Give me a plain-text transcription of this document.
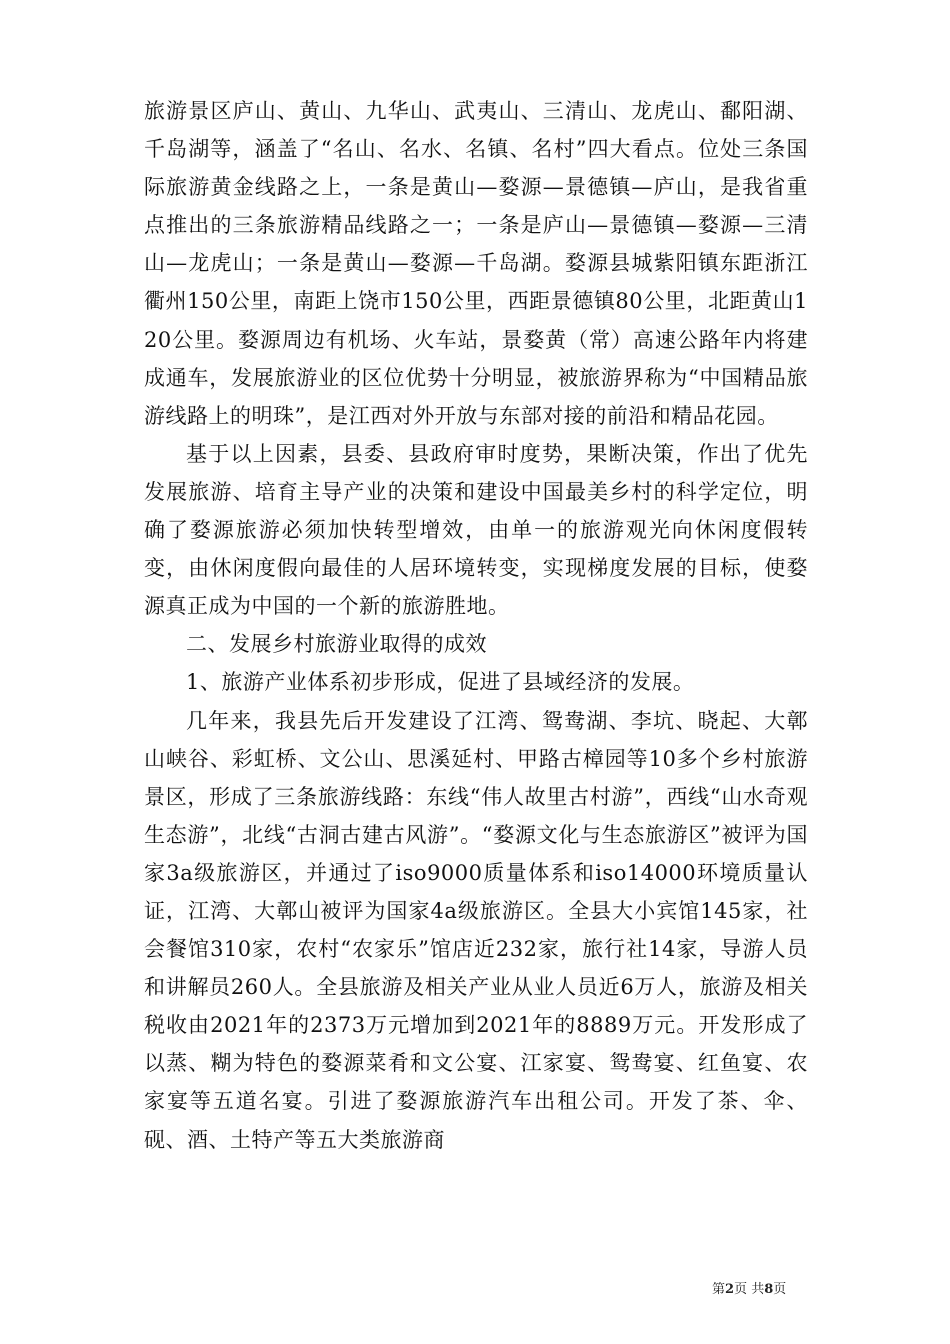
旅游景区庐山、黄山、九华山、武夷山、三清山、龙虎山、鄱阳湖、千岛湖等，涵盖了“名山、名水、名镇、名村”四大看点。位处三条国际旅游黄金线路之上，一条是黄山—婺源—景德镇—庐山，是我省重点推出的三条旅游精品线路之一；一条是庐山—景德镇—婺源—三清山—龙虎山；一条是黄山—婺源—千岛湖。婺源县城紫阳镇东距浙江衢州150公里，南距上饶市150公里，西距景德镇80公里，北距黄山120公里。婺源周边有机场、火车站，景婺黄（常）高速公路年内将建成通车，发展旅游业的区位优势十分明显，被旅游界称为“中国精品旅游线路上的明珠”，是江西对外开放与东部对接的前沿和精品花园。

基于以上因素，县委、县政府审时度势，果断决策，作出了优先发展旅游、培育主导产业的决策和建设中国最美乡村的科学定位，明确了婺源旅游必须加快转型增效，由单一的旅游观光向休闲度假转变，由休闲度假向最佳的人居环境转变，实现梯度发展的目标，使婺源真正成为中国的一个新的旅游胜地。

二、发展乡村旅游业取得的成效

1、旅游产业体系初步形成，促进了县域经济的发展。

几年来，我县先后开发建设了江湾、鸳鸯湖、李坑、晓起、大鄣山峡谷、彩虹桥、文公山、思溪延村、甲路古樟园等10多个乡村旅游景区，形成了三条旅游线路：东线“伟人故里古村游”，西线“山水奇观生态游”，北线“古洞古建古风游”。“婺源文化与生态旅游区”被评为国家3a级旅游区，并通过了iso9000质量体系和iso14000环境质量认证，江湾、大鄣山被评为国家4a级旅游区。全县大小宾馆145家，社会餐馆310家，农村“农家乐”馆店近232家，旅行社14家，导游人员和讲解员260人。全县旅游及相关产业从业人员近6万人，旅游及相关税收由2021年的2373万元增加到2021年的8889万元。开发形成了以蒸、糊为特色的婺源菜肴和文公宴、江家宴、鸳鸯宴、红鱼宴、农家宴等五道名宴。引进了婺源旅游汽车出租公司。开发了茶、伞、砚、酒、土特产等五大类旅游商

第2页 共8页
